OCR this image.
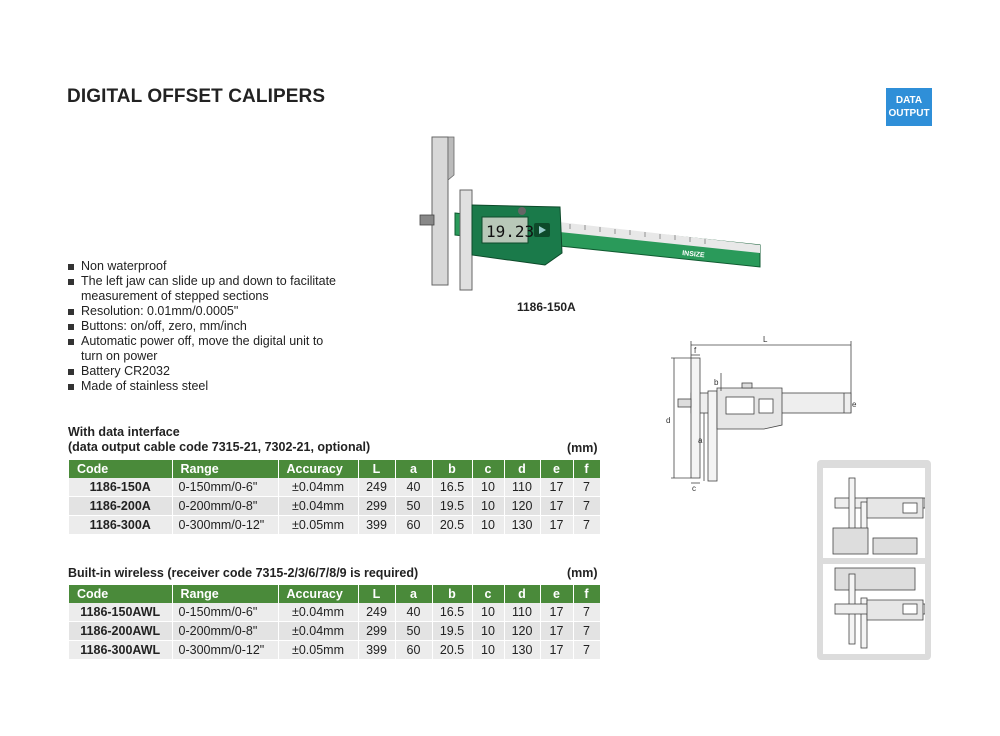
DIGITAL OFFSET CALIPERS	DATA
OUTPUT
Non waterproof
The left jaw can slide up and down to facilitate measurement of stepped sections
Resolution: 0.01mm/0.0005"
Buttons: on/off, zero, mm/inch
Automatic power off, move the digital unit to turn on power
Battery CR2032
Made of stainless steel
INSIZE
19.23
1186-150A
With data interface
(data output cable code 7315-21, 7302-21, optional)	(mm)
Code	Range	Accuracy	L	a	b	c	d	e	f
1186-150A	0-150mm/0-6"	±0.04mm	249	40	16.5	10	110	17	7
1186-200A	0-200mm/0-8"	±0.04mm	299	50	19.5	10	120	17	7
1186-300A	0-300mm/0-12"	±0.05mm	399	60	20.5	10	130	17	7
Built-in wireless (receiver code 7315-2/3/6/7/8/9 is required)	(mm)
Code	Range	Accuracy	L	a	b	c	d	e	f
1186-150AWL	0-150mm/0-6"	±0.04mm	249	40	16.5	10	110	17	7
1186-200AWL	0-200mm/0-8"	±0.04mm	299	50	19.5	10	120	17	7
1186-300AWL	0-300mm/0-12"	±0.05mm	399	60	20.5	10	130	17	7
L
f
b
d
a
c
e
